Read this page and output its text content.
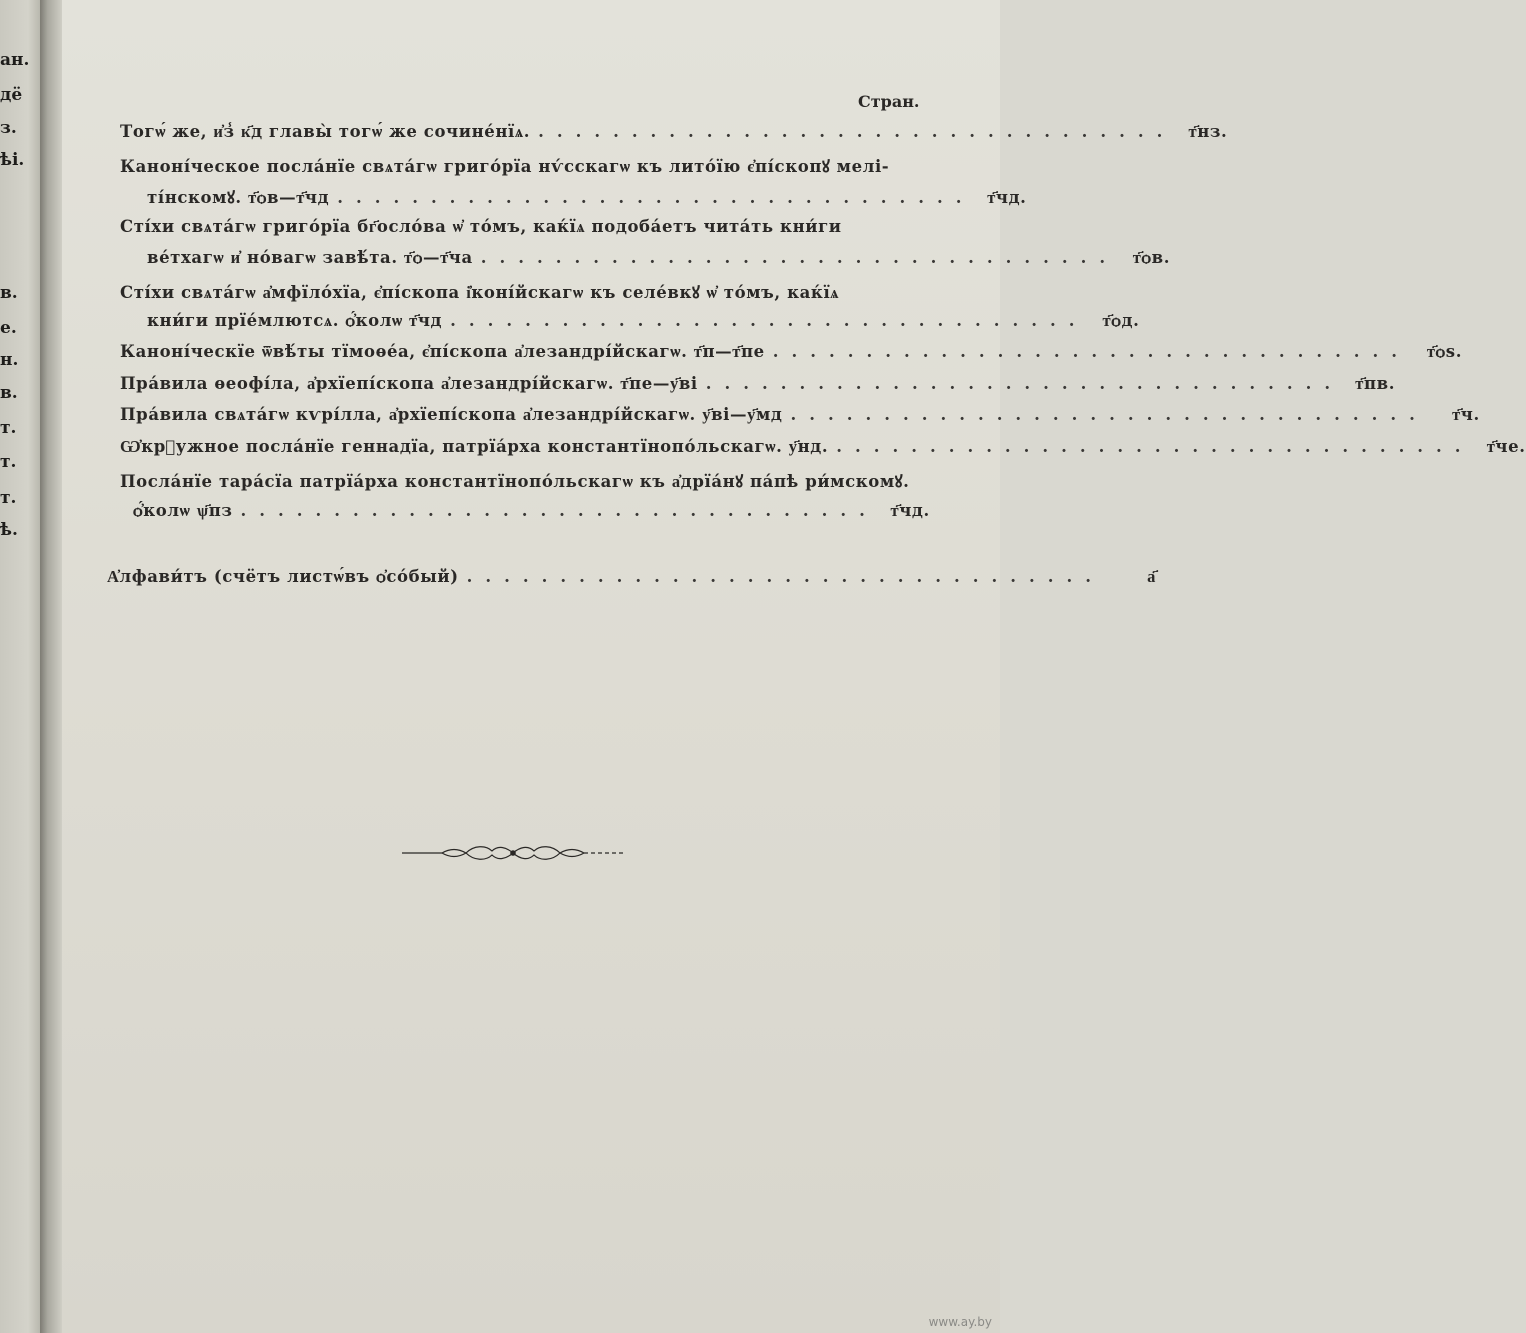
ан.
дё
з.
ѣі.
в.
е.
н.
в.
т.
т.
т.
ѣ.
Стран.
Тогѡ́ же, и҆з̾ к҃д главы̀ тогѡ́ же сочине́нїѧ. .................................. т҃нз.
Каноні́ческое посла́нїе свѧта́гѡ григо́рїа нѵ́сскагѡ къ лито́їю є҆пі́скопꙋ мелі-
ті́нскомꙋ. т҃ѻв—т҃чд .................................. т҃чд.
Сті́хи свѧта́гѡ григо́рїа бг҃осло́ва ѡ҆ то́мъ, каќїѧ подоба́етъ чита́ть кни́ги
ве́тхагѡ и҆ но́вагѡ завѣ́та. т҃ѻ—т҃ча .................................. т҃ѻв.
Сті́хи свѧта́гѡ а҆мфїло́хїа, є҆пі́скопа і҆коні́йскагѡ къ селе́вкꙋ ѡ҆ то́мъ, каќїѧ
кни́ги прїе́млютсѧ. ѻ҆́колѡ т҃чд .................................. т҃ѻд.
Каноні́ческїе ѿвѣ́ты тїмоѳе́а, є҆пі́скопа а҆лезандрі́йскагѡ. т҃п—т҃пе ..................................	т҃ѻѕ.
Пра́вила ѳеофі́ла, а҆рхїепі́скопа а҆лезандрі́йскагѡ. т҃пе—у҃ві .................................. т҃пв.
Пра́вила свѧта́гѡ кѵрі́лла, а҆рхїепі́скопа а҆лезандрі́йскагѡ. у҃ві—у҃мд ..................................	т҃ч.
Ѡ҆кр꙽ужное посла́нїе геннадїа, патрїа́рха константїнопо́льскагѡ. у҃нд. .................................. т҃че.
Посла́нїе тара́сїа патрїа́рха константїнопо́льскагѡ къ а҆дрїа́нꙋ па́пѣ ри́мскомꙋ.
ѻ҆́колѡ ѱ҃пз .................................. т҃чд.
А҆лфави́тъ (счётъ листѡ́въ ѻ҆со́бый) ..................................	а҃
www.ay.by
